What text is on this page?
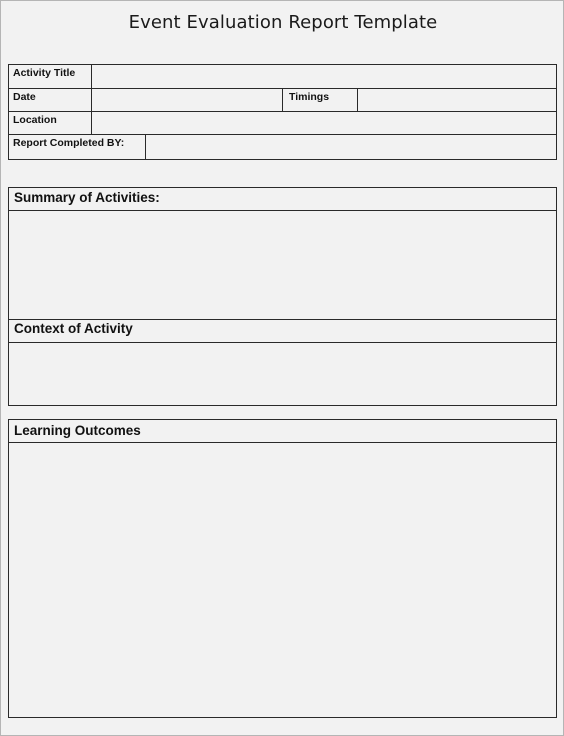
Event Evaluation Report Template
Activity Title
Date	Timings
Location
Report Completed BY:
Summary of Activities:
Context of Activity
Learning Outcomes
